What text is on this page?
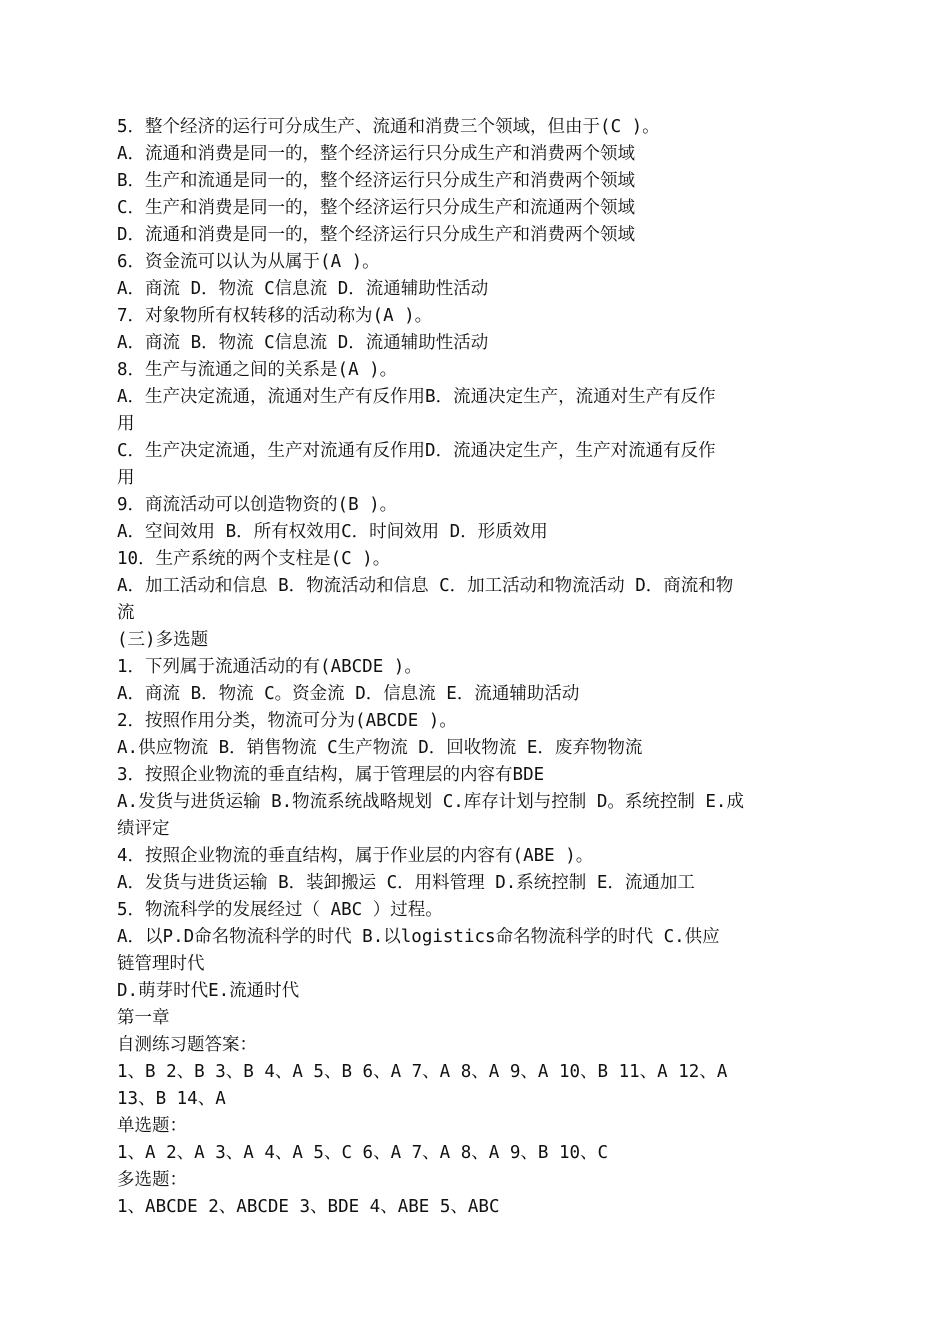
5．整个经济的运行可分成生产、流通和消费三个领域，但由于(C )。
A．流通和消费是同一的，整个经济运行只分成生产和消费两个领域
B．生产和流通是同一的，整个经济运行只分成生产和消费两个领域
C．生产和消费是同一的，整个经济运行只分成生产和流通两个领域
D．流通和消费是同一的，整个经济运行只分成生产和消费两个领域
6．资金流可以认为从属于(A )。
A．商流 D．物流 C信息流 D．流通辅助性活动
7．对象物所有权转移的活动称为(A )。
A．商流 B．物流 C信息流 D．流通辅助性活动
8．生产与流通之间的关系是(A )。
A．生产决定流通，流通对生产有反作用B．流通决定生产，流通对生产有反作
用
C．生产决定流通，生产对流通有反作用D．流通决定生产，生产对流通有反作
用
9．商流活动可以创造物资的(B )。
A．空间效用 B．所有权效用C．时间效用 D．形质效用
10．生产系统的两个支柱是(C )。
A．加工活动和信息 B．物流活动和信息 C．加工活动和物流活动 D．商流和物
流
(三)多选题
1．下列属于流通活动的有(ABCDE )。
A．商流 B．物流 C。资金流 D．信息流 E．流通辅助活动
2．按照作用分类，物流可分为(ABCDE )。
A.供应物流 B．销售物流 C生产物流 D．回收物流 E．废弃物物流
3．按照企业物流的垂直结构，属于管理层的内容有BDE
A.发货与进货运输 B.物流系统战略规划 C.库存计划与控制 D。系统控制 E.成
绩评定
4．按照企业物流的垂直结构，属于作业层的内容有(ABE )。
A．发货与进货运输 B．装卸搬运 C．用料管理 D.系统控制 E．流通加工
5．物流科学的发展经过（ ABC ）过程。
A．以P.D命名物流科学的时代 B.以logistics命名物流科学的时代 C.供应
链管理时代
D.萌芽时代E.流通时代
第一章
自测练习题答案：
1、B 2、B 3、B 4、A 5、B 6、A 7、A 8、A 9、A 10、B 11、A 12、A
13、B 14、A
单选题：
1、A 2、A 3、A 4、A 5、C 6、A 7、A 8、A 9、B 10、C
多选题：
1、ABCDE 2、ABCDE 3、BDE 4、ABE 5、ABC
